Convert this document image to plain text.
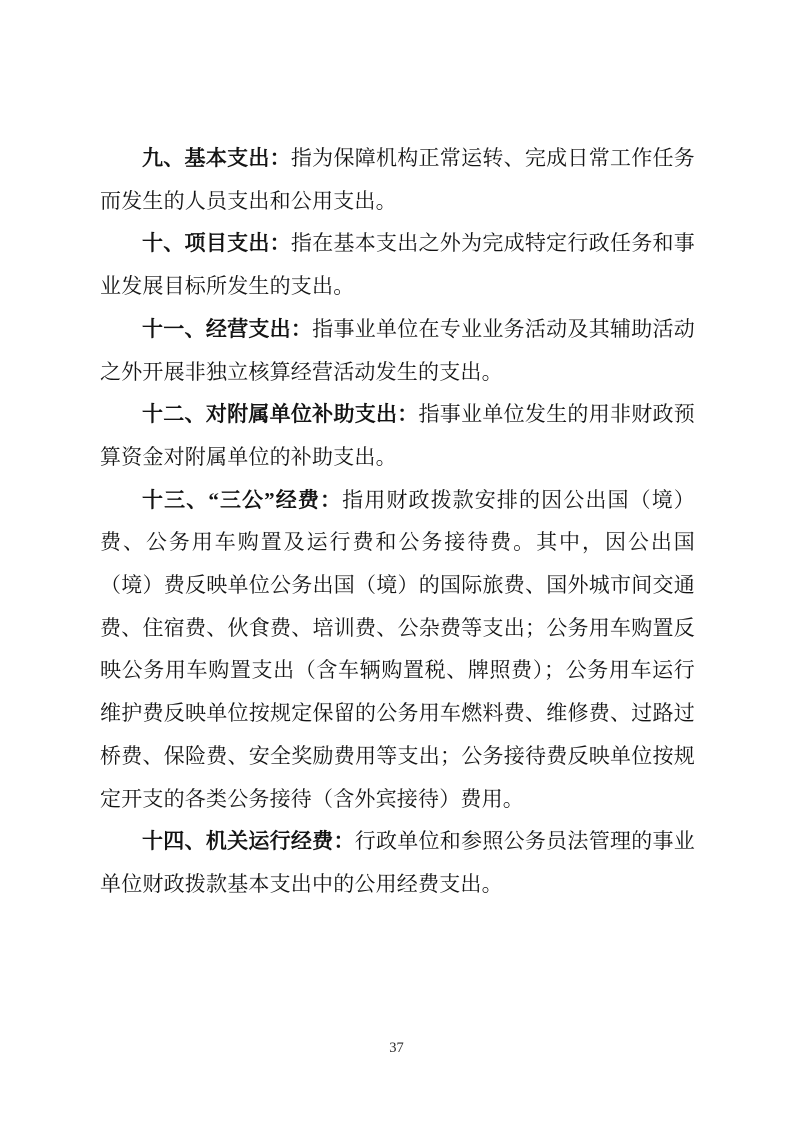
九、基本支出：指为保障机构正常运转、完成日常工作任务而发生的人员支出和公用支出。

十、项目支出：指在基本支出之外为完成特定行政任务和事业发展目标所发生的支出。

十一、经营支出：指事业单位在专业业务活动及其辅助活动之外开展非独立核算经营活动发生的支出。

十二、对附属单位补助支出：指事业单位发生的用非财政预算资金对附属单位的补助支出。

十三、“三公”经费：指用财政拨款安排的因公出国（境）费、公务用车购置及运行费和公务接待费。其中，因公出国（境）费反映单位公务出国（境）的国际旅费、国外城市间交通费、住宿费、伙食费、培训费、公杂费等支出；公务用车购置反映公务用车购置支出（含车辆购置税、牌照费）；公务用车运行维护费反映单位按规定保留的公务用车燃料费、维修费、过路过桥费、保险费、安全奖励费用等支出；公务接待费反映单位按规定开支的各类公务接待（含外宾接待）费用。

十四、机关运行经费：行政单位和参照公务员法管理的事业单位财政拨款基本支出中的公用经费支出。

37
